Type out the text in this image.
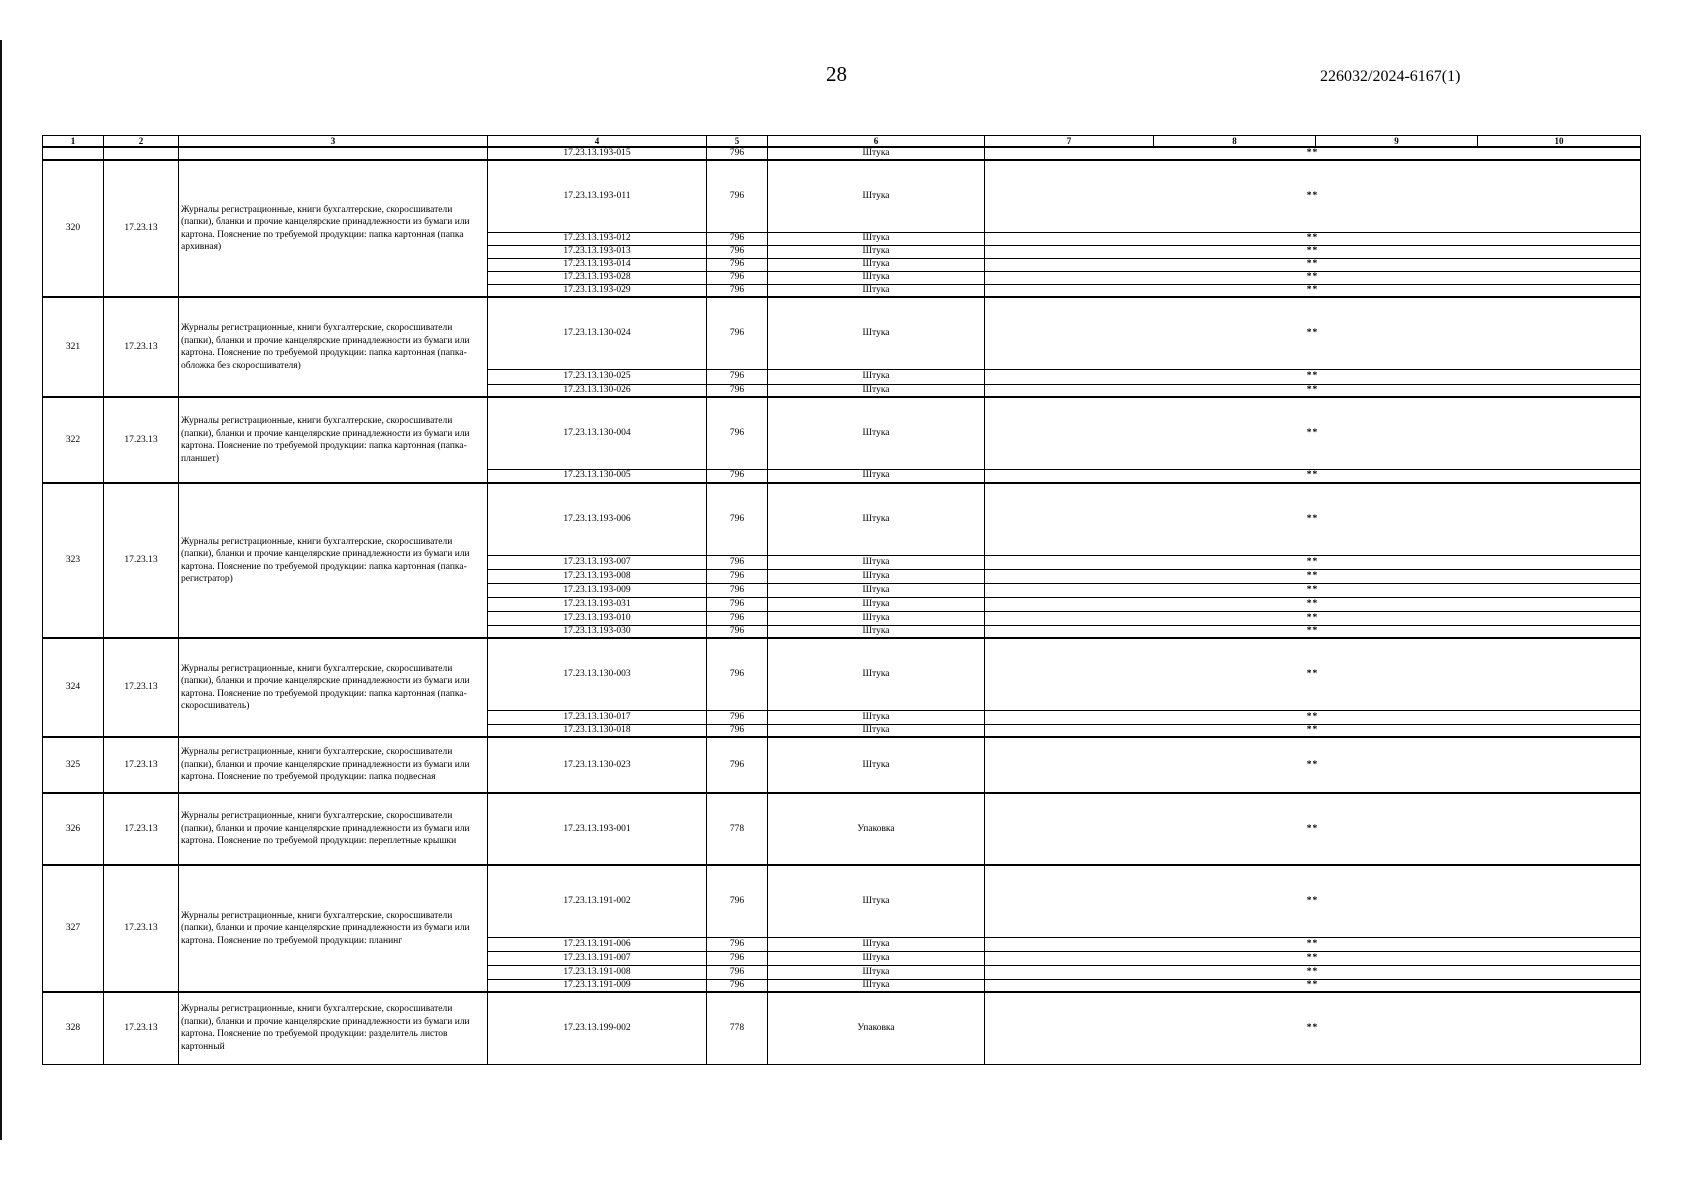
28	226032/2024-6167(1)
1	2	3	4	5	6	7	8	9	10
			17.23.13.193-015	796	Штука	**			
320	17.23.13	Журналы регистрационные, книги бухгалтерские, скоросшиватели (папки), бланки и прочие канцелярские принадлежности из бумаги или картона. Пояснение по требуемой продукции: папка картонная (папка архивная)	17.23.13.193-011	796	Штука	**			
			17.23.13.193-012	796	Штука	**			
			17.23.13.193-013	796	Штука	**			
			17.23.13.193-014	796	Штука	**			
			17.23.13.193-028	796	Штука	**			
			17.23.13.193-029	796	Штука	**			
321	17.23.13	Журналы регистрационные, книги бухгалтерские, скоросшиватели (папки), бланки и прочие канцелярские принадлежности из бумаги или картона. Пояснение по требуемой продукции: папка картонная (папка-обложка без скоросшивателя)	17.23.13.130-024	796	Штука	**			
			17.23.13.130-025	796	Штука	**			
			17.23.13.130-026	796	Штука	**			
322	17.23.13	Журналы регистрационные, книги бухгалтерские, скоросшиватели (папки), бланки и прочие канцелярские принадлежности из бумаги или картона. Пояснение по требуемой продукции: папка картонная (папка-планшет)	17.23.13.130-004	796	Штука	**			
			17.23.13.130-005	796	Штука	**			
323	17.23.13	Журналы регистрационные, книги бухгалтерские, скоросшиватели (папки), бланки и прочие канцелярские принадлежности из бумаги или картона. Пояснение по требуемой продукции: папка картонная (папка-регистратор)	17.23.13.193-006	796	Штука	**			
			17.23.13.193-007	796	Штука	**			
			17.23.13.193-008	796	Штука	**			
			17.23.13.193-009	796	Штука	**			
			17.23.13.193-031	796	Штука	**			
			17.23.13.193-010	796	Штука	**			
			17.23.13.193-030	796	Штука	**			
324	17.23.13	Журналы регистрационные, книги бухгалтерские, скоросшиватели (папки), бланки и прочие канцелярские принадлежности из бумаги или картона. Пояснение по требуемой продукции: папка картонная (папка-скоросшиватель)	17.23.13.130-003	796	Штука	**			
			17.23.13.130-017	796	Штука	**			
			17.23.13.130-018	796	Штука	**			
325	17.23.13	Журналы регистрационные, книги бухгалтерские, скоросшиватели (папки), бланки и прочие канцелярские принадлежности из бумаги или картона. Пояснение по требуемой продукции: папка подвесная	17.23.13.130-023	796	Штука	**			
326	17.23.13	Журналы регистрационные, книги бухгалтерские, скоросшиватели (папки), бланки и прочие канцелярские принадлежности из бумаги или картона. Пояснение по требуемой продукции: переплетные крышки	17.23.13.193-001	778	Упаковка	**			
327	17.23.13	Журналы регистрационные, книги бухгалтерские, скоросшиватели (папки), бланки и прочие канцелярские принадлежности из бумаги или картона. Пояснение по требуемой продукции: планинг	17.23.13.191-002	796	Штука	**			
			17.23.13.191-006	796	Штука	**			
			17.23.13.191-007	796	Штука	**			
			17.23.13.191-008	796	Штука	**			
			17.23.13.191-009	796	Штука	**			
328	17.23.13	Журналы регистрационные, книги бухгалтерские, скоросшиватели (папки), бланки и прочие канцелярские принадлежности из бумаги или картона. Пояснение по требуемой продукции: разделитель листов картонный	17.23.13.199-002	778	Упаковка	**			
